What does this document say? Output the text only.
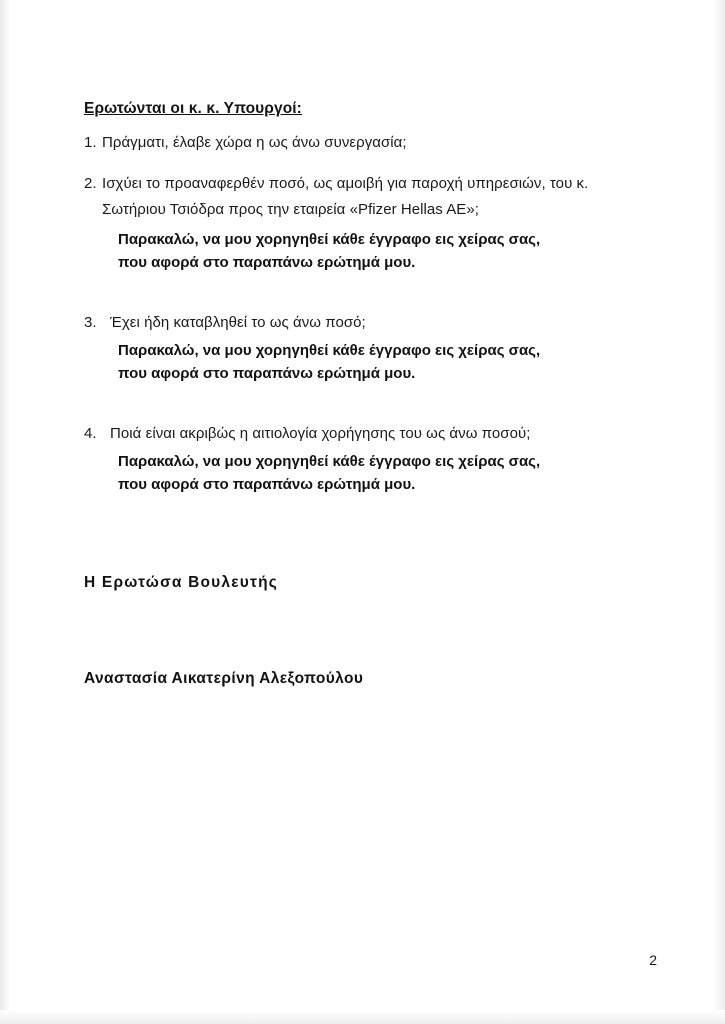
Ερωτώνται οι κ. κ. Υπουργοί:
1. Πράγματι, έλαβε χώρα η ως άνω συνεργασία;
2. Ισχύει το προαναφερθέν ποσό, ως αμοιβή για παροχή υπηρεσιών, του κ.
Σωτήριου Τσιόδρα προς την εταιρεία «Pfizer Hellas AE»;
Παρακαλώ, να μου χορηγηθεί κάθε έγγραφο εις χείρας σας,
που αφορά στο παραπάνω ερώτημά μου.
3. Έχει ήδη καταβληθεί το ως άνω ποσό;
Παρακαλώ, να μου χορηγηθεί κάθε έγγραφο εις χείρας σας,
που αφορά στο παραπάνω ερώτημά μου.
4. Ποιά είναι ακριβώς η αιτιολογία χορήγησης του ως άνω ποσού;
Παρακαλώ, να μου χορηγηθεί κάθε έγγραφο εις χείρας σας,
που αφορά στο παραπάνω ερώτημά μου.
Η Ερωτώσα Βουλευτής
Αναστασία Αικατερίνη Αλεξοπούλου
2
